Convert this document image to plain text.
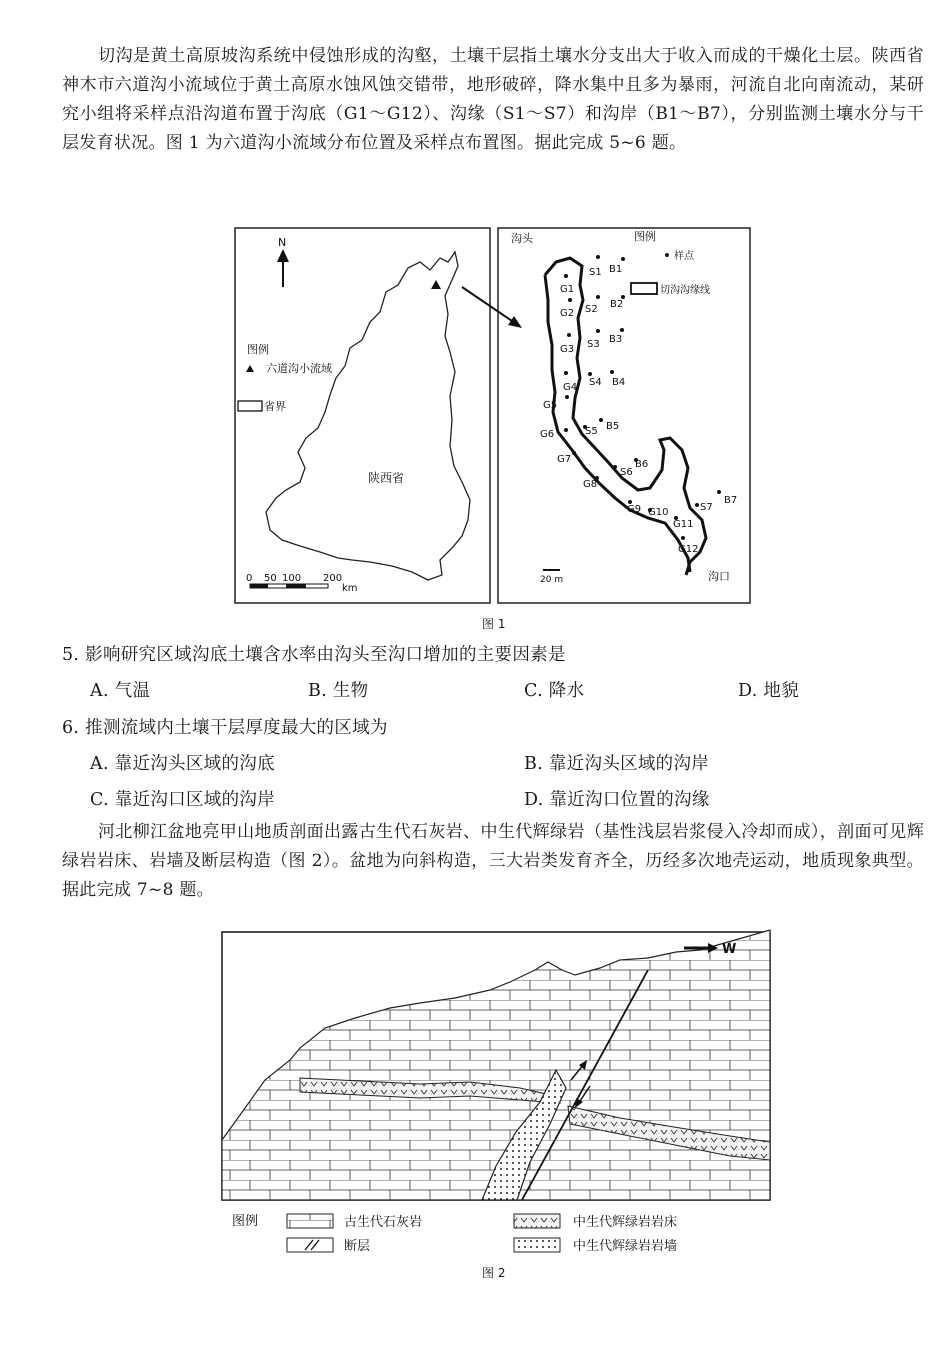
切沟是黄土高原坡沟系统中侵蚀形成的沟壑，土壤干层指土壤水分支出大于收入而成的干燥化土层。陕西省神木市六道沟小流域位于黄土高原水蚀风蚀交错带，地形破碎，降水集中且多为暴雨，河流自北向南流动，某研究小组将采样点沿沟道布置于沟底（G1～G12）、沟缘（S1～S7）和沟岸（B1～B7），分别监测土壤水分与干层发育状况。图 1 为六道沟小流域分布位置及采样点布置图。据此完成 5~6 题。
N
图例
六道沟小流域
省界
陕西省
0 50 100 200
km
沟头	图例
样点
切沟沟缘线
G1
G2
G3
G4
G5
G6
G7
G8
G9 G10
G11
G12
S1
S2
S3
S4
S5
S6
S7
B1
B2
B3
B4
B5
B6
B7
20 m	沟口
图 1
5. 影响研究区域沟底土壤含水率由沟头至沟口增加的主要因素是
A. 气温	B. 生物	C. 降水	D. 地貌
6. 推测流域内土壤干层厚度最大的区域为
A. 靠近沟头区域的沟底	B. 靠近沟头区域的沟岸
C. 靠近沟口区域的沟岸	D. 靠近沟口位置的沟缘
河北柳江盆地亮甲山地质剖面出露古生代石灰岩、中生代辉绿岩（基性浅层岩浆侵入冷却而成），剖面可见辉绿岩岩床、岩墙及断层构造（图 2）。盆地为向斜构造，三大岩类发育齐全，历经多次地壳运动，地质现象典型。据此完成 7~8 题。
W
图例	古生代石灰岩
断层
中生代辉绿岩岩床
中生代辉绿岩岩墙
图 2
